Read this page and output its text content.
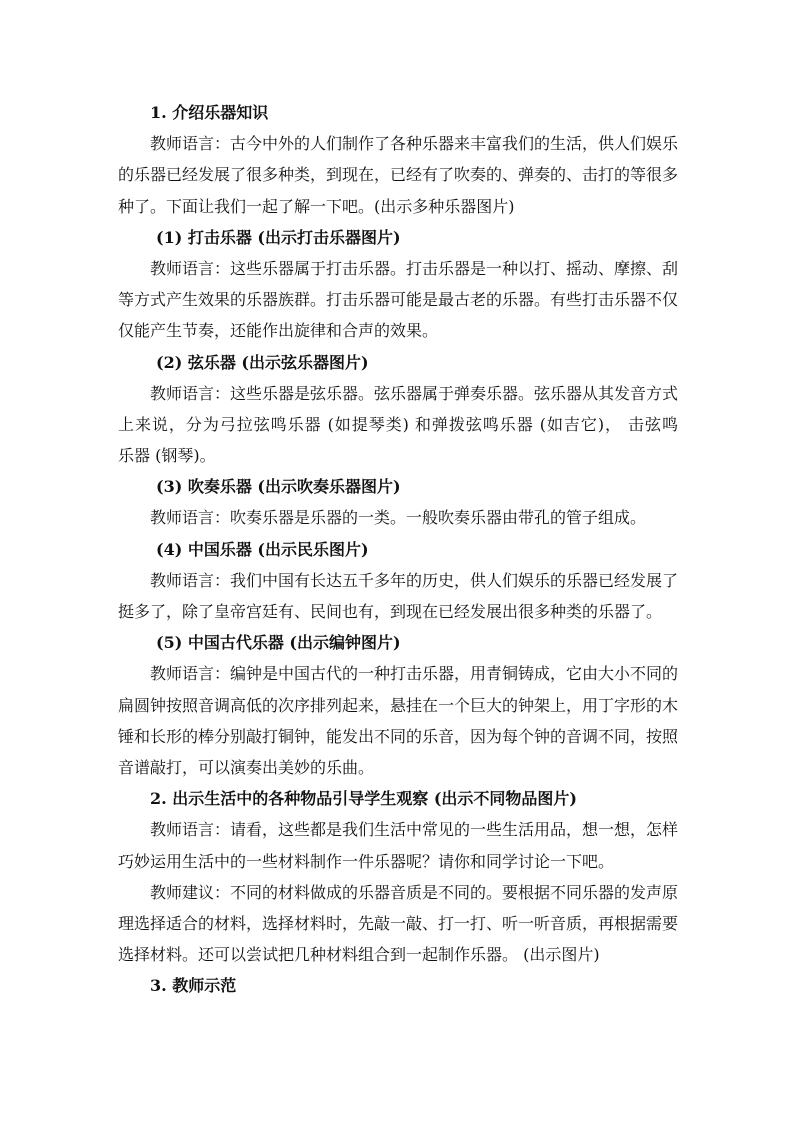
1. 介绍乐器知识
教师语言：古今中外的人们制作了各种乐器来丰富我们的生活，供人们娱乐
的乐器已经发展了很多种类，到现在，已经有了吹奏的、弹奏的、击打的等很多
种了。下面让我们一起了解一下吧。(出示多种乐器图片)
(1) 打击乐器 (出示打击乐器图片)
教师语言：这些乐器属于打击乐器。打击乐器是一种以打、摇动、摩擦、刮
等方式产生效果的乐器族群。打击乐器可能是最古老的乐器。有些打击乐器不仅
仅能产生节奏，还能作出旋律和合声的效果。
(2) 弦乐器 (出示弦乐器图片)
教师语言：这些乐器是弦乐器。弦乐器属于弹奏乐器。弦乐器从其发音方式
上来说，分为弓拉弦鸣乐器 (如提琴类) 和弹拨弦鸣乐器 (如吉它)， 击弦鸣
乐器 (钢琴)。
(3) 吹奏乐器 (出示吹奏乐器图片)
教师语言：吹奏乐器是乐器的一类。一般吹奏乐器由带孔的管子组成。
(4) 中国乐器 (出示民乐图片)
教师语言：我们中国有长达五千多年的历史，供人们娱乐的乐器已经发展了
挺多了，除了皇帝宫廷有、民间也有，到现在已经发展出很多种类的乐器了。
(5) 中国古代乐器 (出示编钟图片)
教师语言：编钟是中国古代的一种打击乐器，用青铜铸成，它由大小不同的
扁圆钟按照音调高低的次序排列起来，悬挂在一个巨大的钟架上，用丁字形的木
锤和长形的棒分别敲打铜钟，能发出不同的乐音，因为每个钟的音调不同，按照
音谱敲打，可以演奏出美妙的乐曲。
2. 出示生活中的各种物品引导学生观察 (出示不同物品图片)
教师语言：请看，这些都是我们生活中常见的一些生活用品，想一想，怎样
巧妙运用生活中的一些材料制作一件乐器呢？请你和同学讨论一下吧。
教师建议：不同的材料做成的乐器音质是不同的。要根据不同乐器的发声原
理选择适合的材料，选择材料时，先敲一敲、打一打、听一听音质，再根据需要
选择材料。还可以尝试把几种材料组合到一起制作乐器。 (出示图片)
3. 教师示范
